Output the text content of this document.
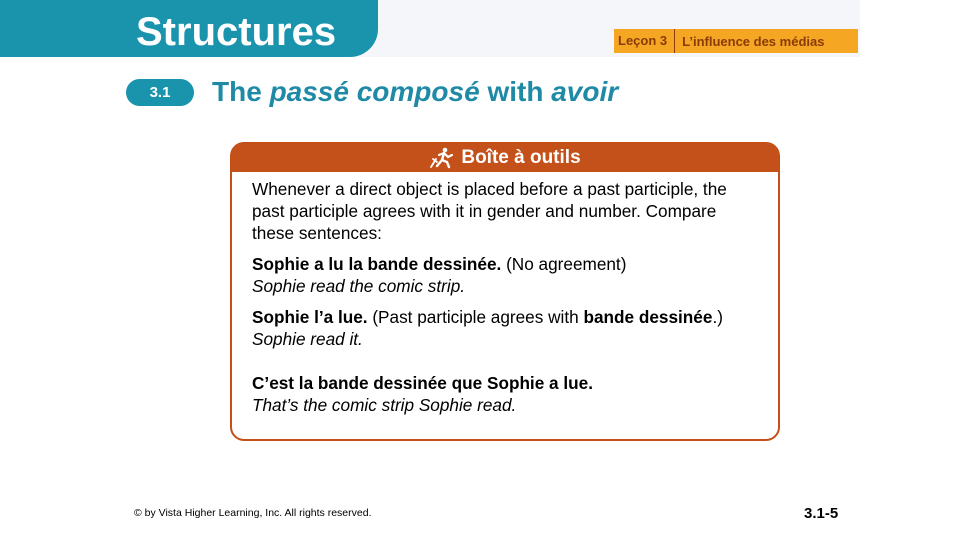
Structures	Leçon 3	L’influence des médias
3.1	The passé composé with avoir
Boîte à outils

Whenever a direct object is placed before a past participle, the past participle agrees with it in gender and number. Compare these sentences:

Sophie a lu la bande dessinée. (No agreement)
Sophie read the comic strip.

Sophie l’a lue. (Past participle agrees with bande dessinée.)
Sophie read it.

C’est la bande dessinée que Sophie a lue.
That’s the comic strip Sophie read.

© by Vista Higher Learning, Inc. All rights reserved.	3.1-5
